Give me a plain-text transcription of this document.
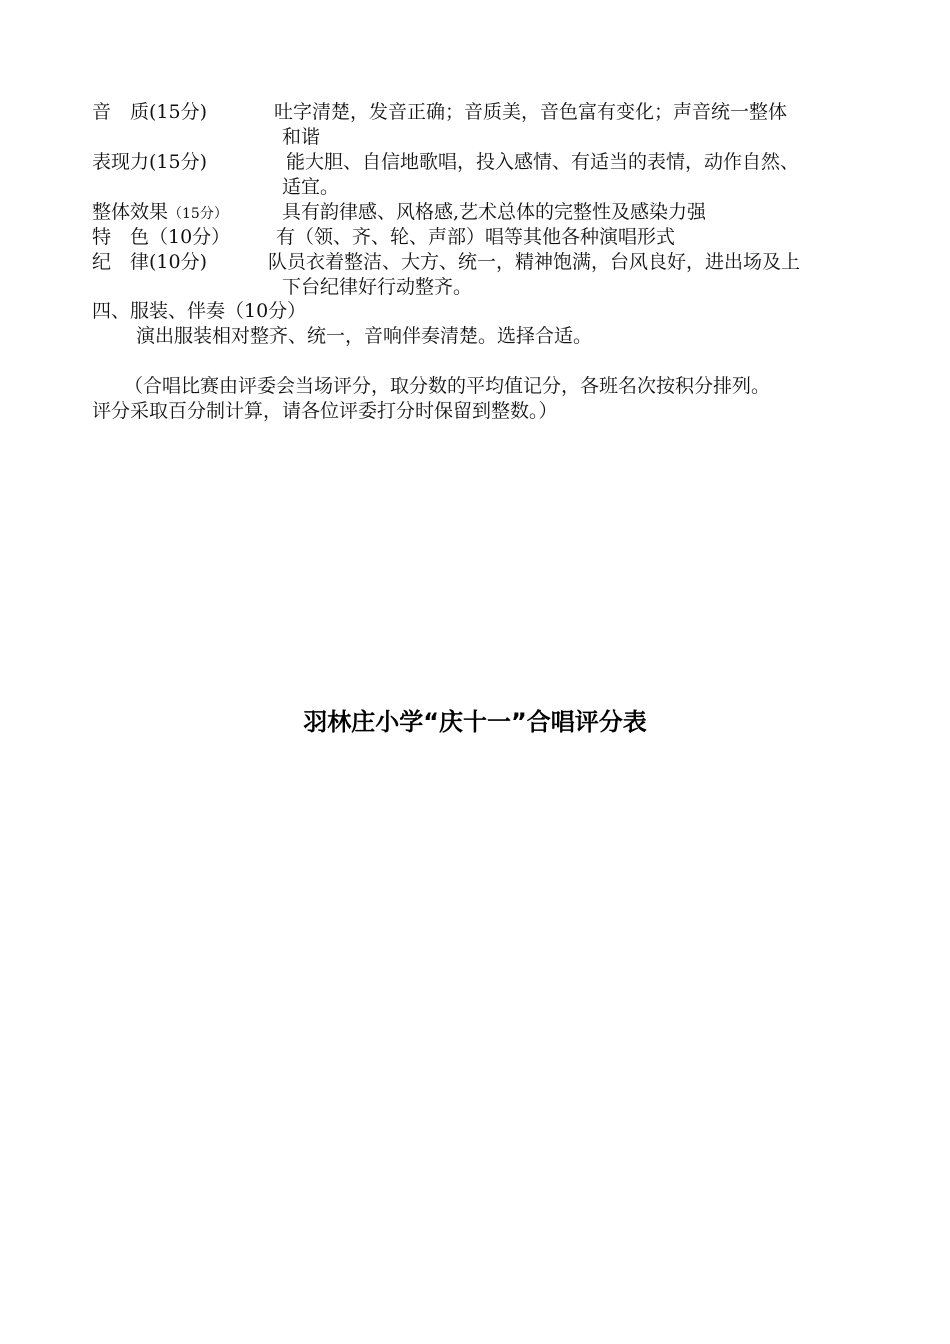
音　质(15分)	吐字清楚，发音正确；音质美，音色富有变化；声音统一整体
和谐
表现力(15分)	能大胆、自信地歌唱，投入感情、有适当的表情，动作自然、
适宜。
整体效果（15分）	具有韵律感、风格感,艺术总体的完整性及感染力强
特　色（10分） 有（领、齐、轮、声部）唱等其他各种演唱形式
纪　律(10分)	队员衣着整洁、大方、统一，精神饱满，台风良好，进出场及上
下台纪律好行动整齐。
四、服装、伴奏（10分）
演出服装相对整齐、统一，音响伴奏清楚。选择合适。
（合唱比赛由评委会当场评分，取分数的平均值记分，各班名次按积分排列。
评分采取百分制计算，请各位评委打分时保留到整数。）
羽林庄小学“庆十一”合唱评分表
